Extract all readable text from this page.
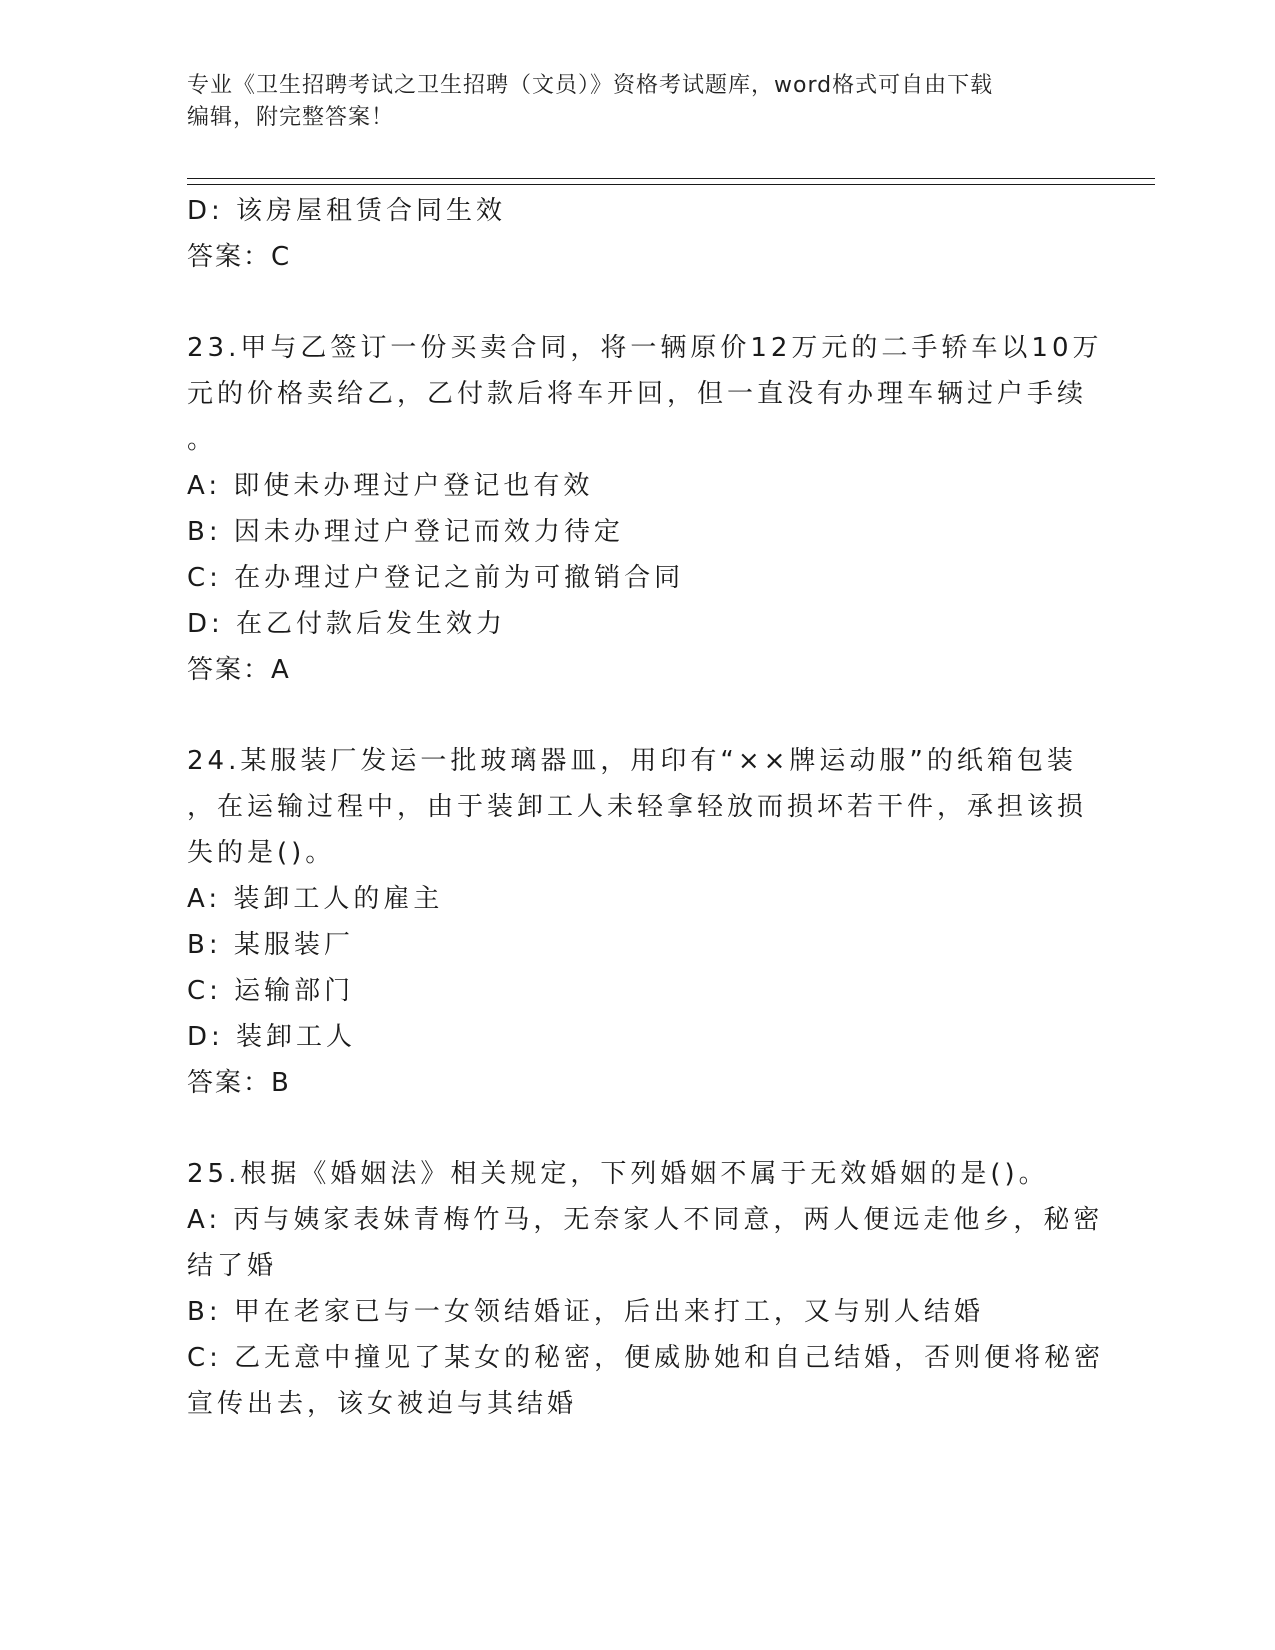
专业《卫生招聘考试之卫生招聘（文员）》资格考试题库，word格式可自由下载
编辑，附完整答案！
D: 该房屋租赁合同生效
答案：C
23.甲与乙签订一份买卖合同，将一辆原价12万元的二手轿车以10万
元的价格卖给乙，乙付款后将车开回，但一直没有办理车辆过户手续
。
A: 即使未办理过户登记也有效
B: 因未办理过户登记而效力待定
C: 在办理过户登记之前为可撤销合同
D: 在乙付款后发生效力
答案：A
24.某服装厂发运一批玻璃器皿，用印有“××牌运动服”的纸箱包装
，在运输过程中，由于装卸工人未轻拿轻放而损坏若干件，承担该损
失的是()。
A: 装卸工人的雇主
B: 某服装厂
C: 运输部门
D: 装卸工人
答案：B
25.根据《婚姻法》相关规定，下列婚姻不属于无效婚姻的是()。
A: 丙与姨家表妹青梅竹马，无奈家人不同意，两人便远走他乡，秘密
结了婚
B: 甲在老家已与一女领结婚证，后出来打工，又与别人结婚
C: 乙无意中撞见了某女的秘密，便威胁她和自己结婚，否则便将秘密
宣传出去，该女被迫与其结婚
